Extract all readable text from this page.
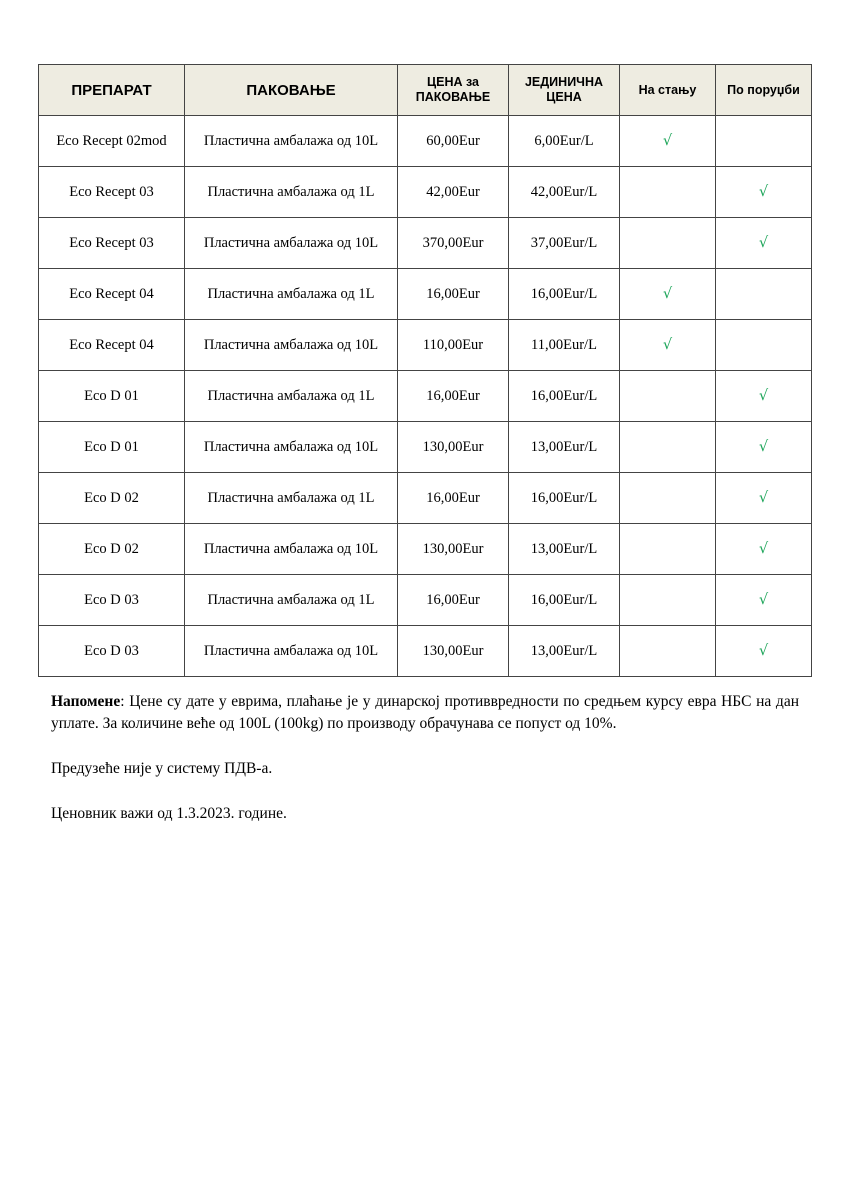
ПРЕПАРАТ	ПАКОВАЊЕ	ЦЕНА за ПАКОВАЊЕ	ЈЕДИНИЧНА ЦЕНА	На стању	По поруџби
Eco Recept 02mod	Пластична амбалажа од 10L	60,00Eur	6,00Eur/L	√	
Eco Recept 03	Пластична амбалажа од 1L	42,00Eur	42,00Eur/L		√
Eco Recept 03	Пластична амбалажа од 10L	370,00Eur	37,00Eur/L		√
Eco Recept 04	Пластична амбалажа од 1L	16,00Eur	16,00Eur/L	√	
Eco Recept 04	Пластична амбалажа од 10L	110,00Eur	11,00Eur/L	√	
Eco D 01	Пластична амбалажа од 1L	16,00Eur	16,00Eur/L		√
Eco D 01	Пластична амбалажа од 10L	130,00Eur	13,00Eur/L		√
Eco D 02	Пластична амбалажа од 1L	16,00Eur	16,00Eur/L		√
Eco D 02	Пластична амбалажа од 10L	130,00Eur	13,00Eur/L		√
Eco D 03	Пластична амбалажа од 1L	16,00Eur	16,00Eur/L		√
Eco D 03	Пластична амбалажа од 10L	130,00Eur	13,00Eur/L		√

Напомене: Цене су дате у еврима, плаћање је у динарској противвредности по средњем курсу евра НБС на дан уплате. За количине веће од 100L (100kg) по производу обрачунава се попуст од 10%.

Предузеће није у систему ПДВ-а.

Ценовник важи од 1.3.2023. године.
